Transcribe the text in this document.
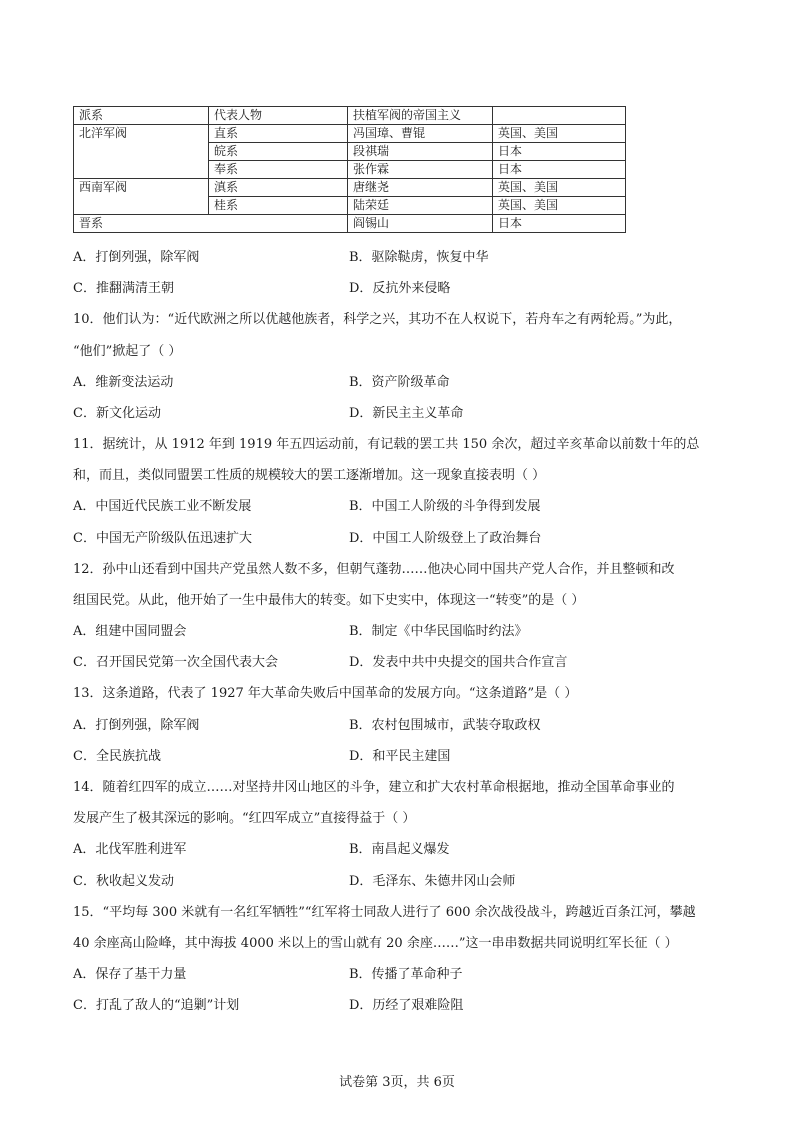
派系	代表人物	扶植军阀的帝国主义	
北洋军阀	直系	冯国璋、曹锟	英国、美国
	皖系	段祺瑞	日本
	奉系	张作霖	日本
西南军阀	滇系	唐继尧	英国、美国
	桂系	陆荣廷	英国、美国
晋系		阎锡山	日本
A．打倒列强，除军阀	B．驱除鞑虏，恢复中华
C．推翻满清王朝	D．反抗外来侵略
10．他们认为：“近代欧洲之所以优越他族者，科学之兴，其功不在人权说下，若舟车之有两轮焉。”为此，
“他们”掀起了（ ）
A．维新变法运动	B．资产阶级革命
C．新文化运动	D．新民主主义革命
11．据统计，从 1912 年到 1919 年五四运动前，有记载的罢工共 150 余次，超过辛亥革命以前数十年的总
和，而且，类似同盟罢工性质的规模较大的罢工逐渐增加。这一现象直接表明（ ）
A．中国近代民族工业不断发展	B．中国工人阶级的斗争得到发展
C．中国无产阶级队伍迅速扩大	D．中国工人阶级登上了政治舞台
12．孙中山还看到中国共产党虽然人数不多，但朝气蓬勃……他决心同中国共产党人合作，并且整顿和改
组国民党。从此，他开始了一生中最伟大的转变。如下史实中，体现这一“转变”的是（ ）
A．组建中国同盟会	B．制定《中华民国临时约法》
C．召开国民党第一次全国代表大会	D．发表中共中央提交的国共合作宣言
13．这条道路，代表了 1927 年大革命失败后中国革命的发展方向。“这条道路”是（ ）
A．打倒列强，除军阀	B．农村包围城市，武装夺取政权
C．全民族抗战	D．和平民主建国
14．随着红四军的成立……对坚持井冈山地区的斗争，建立和扩大农村革命根据地，推动全国革命事业的
发展产生了极其深远的影响。“红四军成立”直接得益于（ ）
A．北伐军胜利进军	B．南昌起义爆发
C．秋收起义发动	D．毛泽东、朱德井冈山会师
15．“平均每 300 米就有一名红军牺牲”“红军将士同敌人进行了 600 余次战役战斗，跨越近百条江河，攀越
40 余座高山险峰，其中海拔 4000 米以上的雪山就有 20 余座……”这一串串数据共同说明红军长征（ ）
A．保存了基干力量	B．传播了革命种子
C．打乱了敌人的“追剿”计划	D．历经了艰难险阻
试卷第 3页，共 6页
